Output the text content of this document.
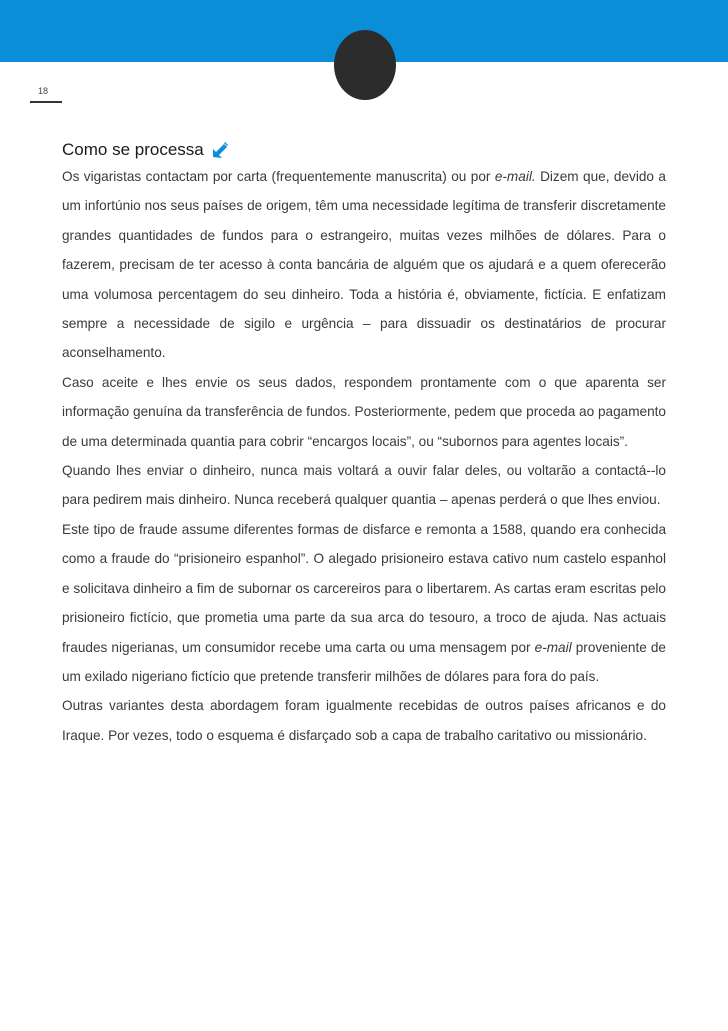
18
Como se processa

Os vigaristas contactam por carta (frequentemente manuscrita) ou por e-mail. Dizem que, devido a um infortúnio nos seus países de origem, têm uma necessidade legítima de transferir discretamente grandes quantidades de fundos para o estrangeiro, muitas vezes milhões de dólares. Para o fazerem, precisam de ter acesso à conta bancária de alguém que os ajudará e a quem oferecerão uma volumosa percentagem do seu dinheiro. Toda a história é, obviamente, fictícia. E enfatizam sempre a necessidade de sigilo e urgência – para dissuadir os destinatários de procurar aconselhamento.

Caso aceite e lhes envie os seus dados, respondem prontamente com o que aparenta ser informação genuína da transferência de fundos. Posteriormente, pedem que proceda ao pagamento de uma determinada quantia para cobrir “encargos locais”, ou “subornos para agentes locais”.

Quando lhes enviar o dinheiro, nunca mais voltará a ouvir falar deles, ou voltarão a contactá--lo para pedirem mais dinheiro. Nunca receberá qualquer quantia – apenas perderá o que lhes enviou.

Este tipo de fraude assume diferentes formas de disfarce e remonta a 1588, quando era conhecida como a fraude do “prisioneiro espanhol”. O alegado prisioneiro estava cativo num castelo espanhol e solicitava dinheiro a fim de subornar os carcereiros para o libertarem. As cartas eram escritas pelo prisioneiro fictício, que prometia uma parte da sua arca do tesouro, a troco de ajuda. Nas actuais fraudes nigerianas, um consumidor recebe uma carta ou uma mensagem por e-mail proveniente de um exilado nigeriano fictício que pretende transferir milhões de dólares para fora do país.

Outras variantes desta abordagem foram igualmente recebidas de outros países africanos e do Iraque. Por vezes, todo o esquema é disfarçado sob a capa de trabalho caritativo ou missionário.
